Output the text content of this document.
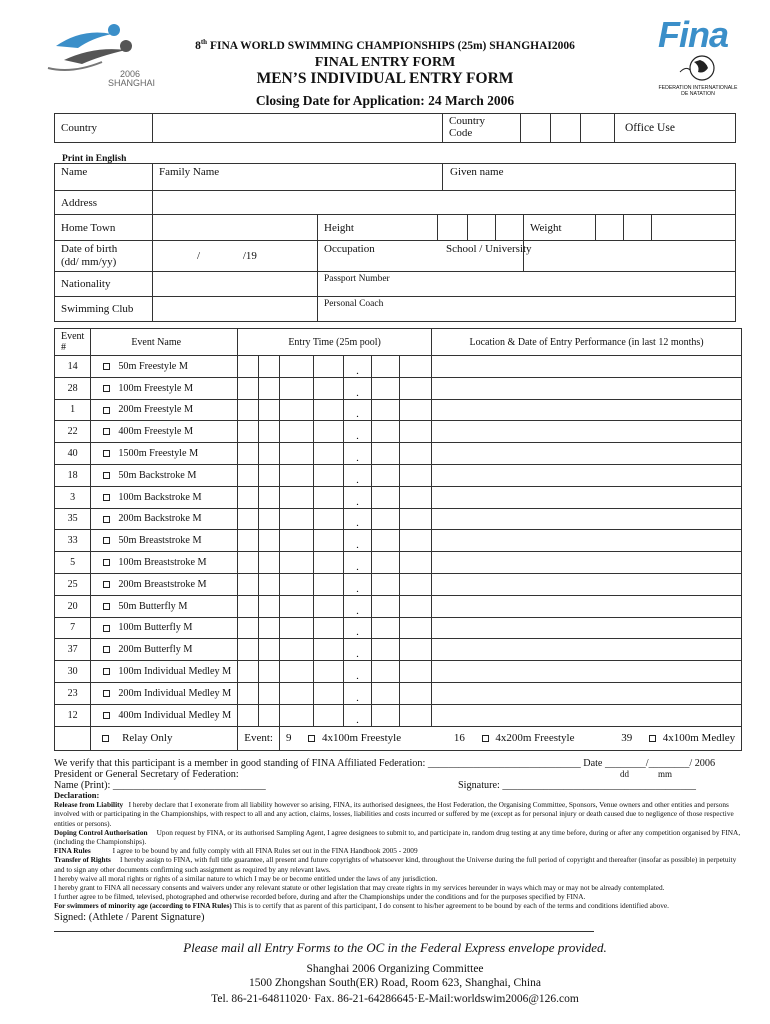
2006
SHANGHAI
8th FINA WORLD SWIMMING CHAMPIONSHIPS (25m) SHANGHAI2006
FINAL ENTRY FORM
MEN’S INDIVIDUAL ENTRY FORM
Closing Date for Application: 24 March 2006
Fina
FEDERATION INTERNATIONALE
DE NATATION
Country		
Country
Code				Office Use
Print in English
Name	Family Name	Given name
Address		
Home Town		Height				Weight			

Date of birth
(dd/ mm/yy)	/ /19	Occupation				School / University			
Nationality		Passport Number							
Swimming Club		Personal Coach							
Event #	Event Name	Entry Time (25m pool)							Location & Date of Entry Performance (in last 12 months)
14	50m Freestyle M					.			
28	100m Freestyle M					.			
1	200m Freestyle M					.			
22	400m Freestyle M					.			
40	1500m Freestyle M					.			
18	50m Backstroke M					.			
3	100m Backstroke M					.			
35	200m Backstroke M					.			
33	50m Breaststroke M					.			
5	100m Breaststroke M					.			
25	200m Breaststroke M					.			
20	50m Butterfly M					.			
7	100m Butterfly M					.			
37	200m Butterfly M					.			
30	100m Individual Medley M					.			
23	200m Individual Medley M					.			
12	400m Individual Medley M					.			
	Relay Only	Event:		9 4x100m Freestyle 16 4x200m Freestyle 39 4x100m Medley					
We verify that this participant is a member in good standing of FINA Affiliated Federation: ______________________________ Date ________/________/ 2006
President or General Secretary of Federation:	dd	mm
Name (Print): ______________________________	Signature: ______________________________________
Declaration:
Release from Liability I hereby declare that I exonerate from all liability however so arising, FINA, its authorised designees, the Host Federation, the Organising Committee, Sponsors, Venue owners and other entities and persons involved with or participating in the Championships, with respect to all and any action, claims, losses, liabilities and costs incurred or suffered by me (except as for personal injury or death caused due to negligence of those respective entities or persons).
Doping Control Authorisation Upon request by FINA, or its authorised Sampling Agent, I agree designees to submit to, and participate in, random drug testing at any time before, during or after any competition organised by FINA, (including the Championships).
FINA Rules	I agree to be bound by and fully comply with all FINA Rules set out in the FINA Handbook 2005 - 2009
Transfer of Rights I hereby assign to FINA, with full title guarantee, all present and future copyrights of whatsoever kind, throughout the Universe during the full period of copyright and thereafter (insofar as possible) in perpetuity and to sign any other documents confirming such assignment as required by any relevant laws.
I hereby waive all moral rights or rights of a similar nature to which I may be or become entitled under the laws of any jurisdiction.
I hereby grant to FINA all necessary consents and waivers under any relevant statute or other legislation that may create rights in my services hereunder in ways which may or may not be already contemplated.
I further agree to be filmed, televised, photographed and otherwise recorded before, during and after the Championships under the conditions and for the purposes specified by FINA.
For swimmers of minority age (according to FINA Rules) This is to certify that as parent of this participant, I do consent to his/her agreement to be bound by each of the terms and conditions identified above.
Signed: (Athlete / Parent Signature)
Please mail all Entry Forms to the OC in the Federal Express envelope provided.
Shanghai 2006 Organizing Committee
1500 Zhongshan South(ER) Road, Room 623, Shanghai, China
Tel. 86-21-64811020· Fax. 86-21-64286645·E-Mail:worldswim2006@126.com
